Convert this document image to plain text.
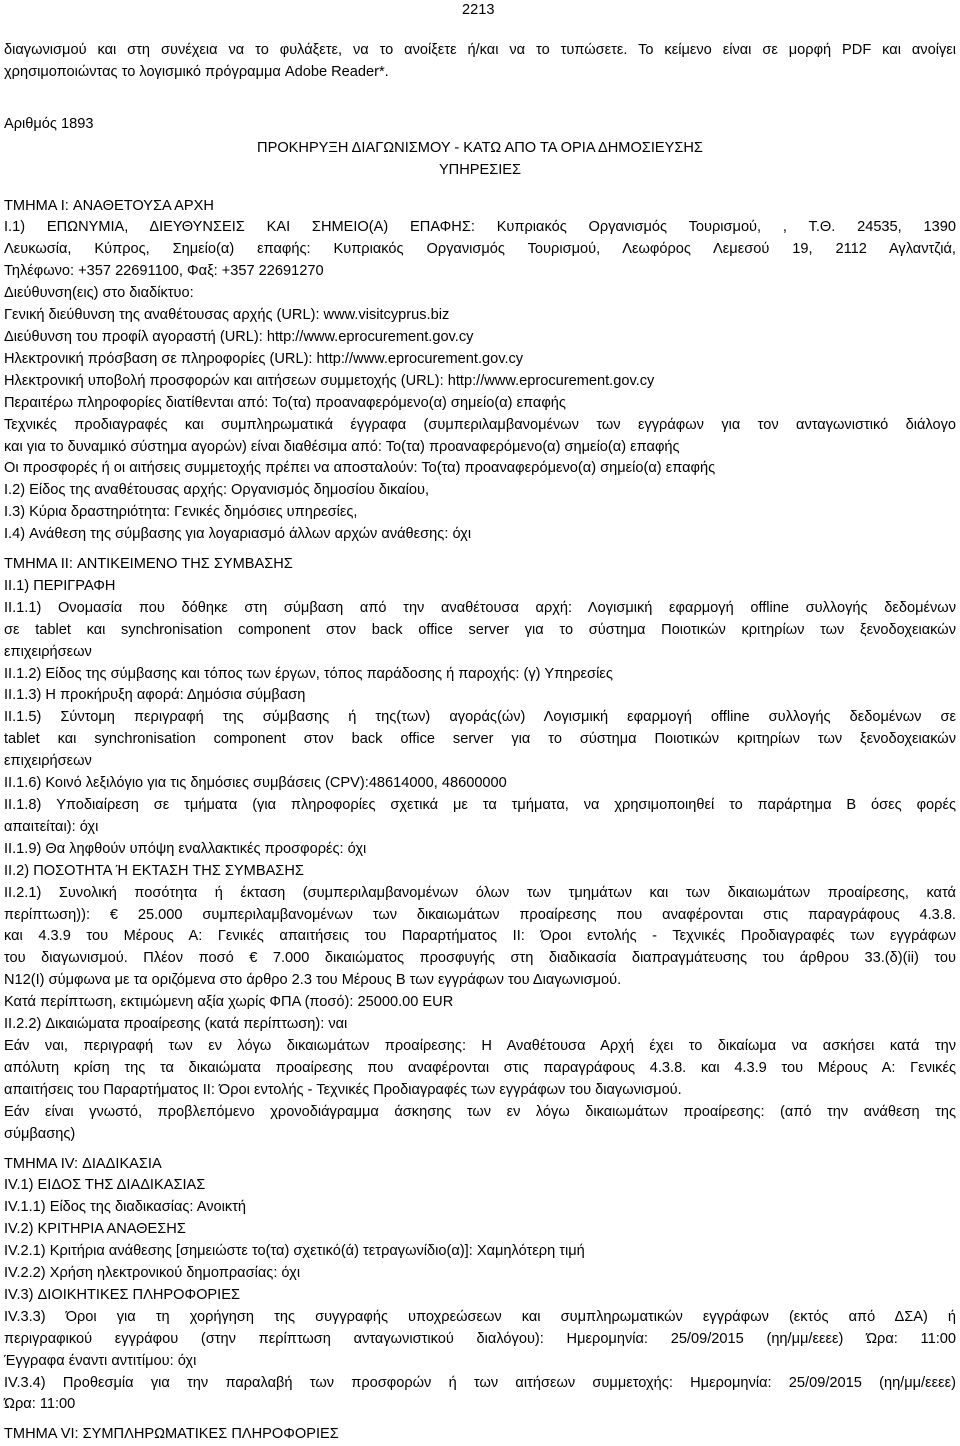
2213
διαγωνισμού και στη συνέχεια να το φυλάξετε, να το ανοίξετε ή/και να το τυπώσετε. Το κείμενο είναι σε μορφή PDF και ανοίγει
χρησιμοποιώντας το λογισμικό πρόγραμμα Adobe Reader*.
Αριθμός 1893
ΠΡΟΚΗΡΥΞΗ ΔΙΑΓΩΝΙΣΜΟΥ - ΚΑΤΩ ΑΠΟ ΤΑ ΟΡΙΑ ΔΗΜΟΣΙΕΥΣΗΣ
ΥΠΗΡΕΣΙΕΣ
ΤΜΗΜΑ I: ΑΝΑΘΕΤΟΥΣΑ ΑΡΧΗ
I.1) ΕΠΩΝΥΜΙΑ, ΔΙΕΥΘΥΝΣΕΙΣ ΚΑΙ ΣΗΜΕΙΟ(Α) ΕΠΑΦΗΣ: Κυπριακός Οργανισμός Τουρισμού, , Τ.Θ. 24535, 1390
Λευκωσία, Κύπρος, Σημείο(α) επαφής: Κυπριακός Οργανισμός Τουρισμού, Λεωφόρος Λεμεσού 19, 2112 Αγλαντζιά,
Τηλέφωνο: +357 22691100, Φαξ: +357 22691270
Διεύθυνση(εις) στο διαδίκτυο:
Γενική διεύθυνση της αναθέτουσας αρχής (URL): www.visitcyprus.biz
Διεύθυνση του προφίλ αγοραστή (URL): http://www.eprocurement.gov.cy
Ηλεκτρονική πρόσβαση σε πληροφορίες (URL): http://www.eprocurement.gov.cy
Ηλεκτρονική υποβολή προσφορών και αιτήσεων συμμετοχής (URL): http://www.eprocurement.gov.cy
Περαιτέρω πληροφορίες διατίθενται από: Το(τα) προαναφερόμενο(α) σημείο(α) επαφής
Τεχνικές προδιαγραφές και συμπληρωματικά έγγραφα (συμπεριλαμβανομένων των εγγράφων για τον ανταγωνιστικό διάλογο
και για το δυναμικό σύστημα αγορών) είναι διαθέσιμα από: Το(τα) προαναφερόμενο(α) σημείο(α) επαφής
Οι προσφορές ή οι αιτήσεις συμμετοχής πρέπει να αποσταλούν: Το(τα) προαναφερόμενο(α) σημείο(α) επαφής
I.2) Είδος της αναθέτουσας αρχής: Οργανισμός δημοσίου δικαίου,
I.3) Κύρια δραστηριότητα: Γενικές δημόσιες υπηρεσίες,
I.4) Ανάθεση της σύμβασης για λογαριασμό άλλων αρχών ανάθεσης: όχι
ΤΜΗΜΑ II: ΑΝΤΙΚΕΙΜΕΝΟ ΤΗΣ ΣΥΜΒΑΣΗΣ
II.1) ΠΕΡΙΓΡΑΦΗ
II.1.1) Ονομασία που δόθηκε στη σύμβαση από την αναθέτουσα αρχή: Λογισμική εφαρμογή offline συλλογής δεδομένων
σε tablet και synchronisation component στον back office server για το σύστημα Ποιοτικών κριτηρίων των ξενοδοχειακών
επιχειρήσεων
II.1.2) Είδος της σύμβασης και τόπος των έργων, τόπος παράδοσης ή παροχής: (γ) Υπηρεσίες
II.1.3) Η προκήρυξη αφορά: Δημόσια σύμβαση
II.1.5) Σύντομη περιγραφή της σύμβασης ή της(των) αγοράς(ών) Λογισμική εφαρμογή offline συλλογής δεδομένων σε
tablet και synchronisation component στον back office server για το σύστημα Ποιοτικών κριτηρίων των ξενοδοχειακών
επιχειρήσεων
II.1.6) Κοινό λεξιλόγιο για τις δημόσιες συμβάσεις (CPV):48614000, 48600000
II.1.8) Υποδιαίρεση σε τμήματα (για πληροφορίες σχετικά με τα τμήματα, να χρησιμοποιηθεί το παράρτημα Β όσες φορές
απαιτείται): όχι
II.1.9) Θα ληφθούν υπόψη εναλλακτικές προσφορές: όχι
II.2) ΠΟΣΟΤΗΤΑ Ή ΕΚΤΑΣΗ ΤΗΣ ΣΥΜΒΑΣΗΣ
II.2.1) Συνολική ποσότητα ή έκταση (συμπεριλαμβανομένων όλων των τμημάτων και των δικαιωμάτων προαίρεσης, κατά
περίπτωση)): € 25.000 συμπεριλαμβανομένων των δικαιωμάτων προαίρεσης που αναφέρονται στις παραγράφους 4.3.8.
και 4.3.9 του Μέρους Α: Γενικές απαιτήσεις του Παραρτήματος ΙΙ: Όροι εντολής - Τεχνικές Προδιαγραφές των εγγράφων
του διαγωνισμού. Πλέον ποσό € 7.000 δικαιώματος προσφυγής στη διαδικασία διαπραγμάτευσης του άρθρου 33.(δ)(ii) του
Ν12(Ι) σύμφωνα με τα οριζόμενα στο άρθρο 2.3 του Μέρους Β των εγγράφων του Διαγωνισμού.
Κατά περίπτωση, εκτιμώμενη αξία χωρίς ΦΠΑ (ποσό): 25000.00 EUR
II.2.2) Δικαιώματα προαίρεσης (κατά περίπτωση): ναι
Εάν ναι, περιγραφή των εν λόγω δικαιωμάτων προαίρεσης: Η Αναθέτουσα Αρχή έχει το δικαίωμα να ασκήσει κατά την
απόλυτη κρίση της τα δικαιώματα προαίρεσης που αναφέρονται στις παραγράφους 4.3.8. και 4.3.9 του Μέρους Α: Γενικές
απαιτήσεις του Παραρτήματος ΙΙ: Όροι εντολής - Τεχνικές Προδιαγραφές των εγγράφων του διαγωνισμού.
Εάν είναι γνωστό, προβλεπόμενο χρονοδιάγραμμα άσκησης των εν λόγω δικαιωμάτων προαίρεσης: (από την ανάθεση της
σύμβασης)
ΤΜΗΜΑ IV: ΔΙΑΔΙΚΑΣΙΑ
IV.1) ΕΙΔΟΣ ΤΗΣ ΔΙΑΔΙΚΑΣΙΑΣ
IV.1.1) Είδος της διαδικασίας: Ανοικτή
IV.2) ΚΡΙΤΗΡΙΑ ΑΝΑΘΕΣΗΣ
IV.2.1) Κριτήρια ανάθεσης [σημειώστε το(τα) σχετικό(ά) τετραγωνίδιο(α)]: Χαμηλότερη τιμή
IV.2.2) Χρήση ηλεκτρονικού δημοπρασίας: όχι
IV.3) ΔΙΟΙΚΗΤΙΚΕΣ ΠΛΗΡΟΦΟΡΙΕΣ
IV.3.3) Όροι για τη χορήγηση της συγγραφής υποχρεώσεων και συμπληρωματικών εγγράφων (εκτός από ΔΣΑ) ή
περιγραφικού εγγράφου (στην περίπτωση ανταγωνιστικού διαλόγου): Ημερομηνία: 25/09/2015 (ηη/μμ/εεεε) Ώρα: 11:00
Έγγραφα έναντι αντιτίμου: όχι
IV.3.4) Προθεσμία για την παραλαβή των προσφορών ή των αιτήσεων συμμετοχής: Ημερομηνία: 25/09/2015 (ηη/μμ/εεεε)
Ώρα: 11:00
ΤΜΗΜΑ VI: ΣΥΜΠΛΗΡΩΜΑΤΙΚΕΣ ΠΛΗΡΟΦΟΡΙΕΣ
